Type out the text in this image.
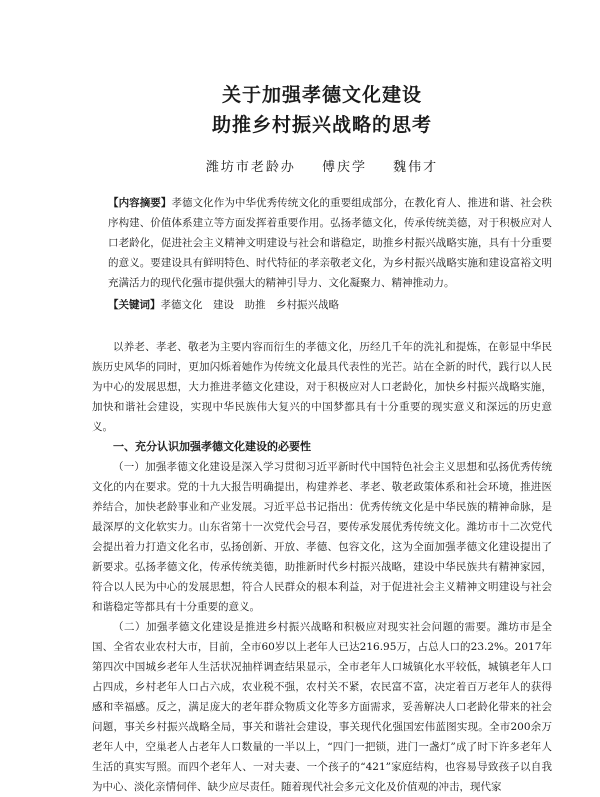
关于加强孝德文化建设
助推乡村振兴战略的思考
潍坊市老龄办 傅庆学 魏伟才

【内容摘要】孝德文化作为中华优秀传统文化的重要组成部分，在教化育人、推进和谐、社会秩序构建、价值体系建立等方面发挥着重要作用。弘扬孝德文化，传承传统美德，对于积极应对人口老龄化，促进社会主义精神文明建设与社会和谐稳定，助推乡村振兴战略实施，具有十分重要的意义。要建设具有鲜明特色、时代特征的孝亲敬老文化，为乡村振兴战略实施和建设富裕文明充满活力的现代化强市提供强大的精神引导力、文化凝聚力、精神推动力。

【关键词】孝德文化　建设　助推　乡村振兴战略

以养老、孝老、敬老为主要内容而衍生的孝德文化，历经几千年的洗礼和提炼，在彰显中华民族历史风华的同时，更加闪烁着她作为传统文化最具代表性的光芒。站在全新的时代，践行以人民为中心的发展思想，大力推进孝德文化建设，对于积极应对人口老龄化，加快乡村振兴战略实施，加快和谐社会建设，实现中华民族伟大复兴的中国梦都具有十分重要的现实意义和深远的历史意义。

一、充分认识加强孝德文化建设的必要性

（一）加强孝德文化建设是深入学习贯彻习近平新时代中国特色社会主义思想和弘扬优秀传统文化的内在要求。党的十九大报告明确提出，构建养老、孝老、敬老政策体系和社会环境，推进医养结合，加快老龄事业和产业发展。习近平总书记指出：优秀传统文化是中华民族的精神命脉，是最深厚的文化软实力。山东省第十一次党代会号召，要传承发展优秀传统文化。潍坊市十二次党代会提出着力打造文化名市，弘扬创新、开放、孝德、包容文化，这为全面加强孝德文化建设提出了新要求。弘扬孝德文化，传承传统美德，助推新时代乡村振兴战略，建设中华民族共有精神家园，符合以人民为中心的发展思想，符合人民群众的根本利益，对于促进社会主义精神文明建设与社会和谐稳定等都具有十分重要的意义。

（二）加强孝德文化建设是推进乡村振兴战略和积极应对现实社会问题的需要。潍坊市是全国、全省农业农村大市，目前，全市60岁以上老年人已达216.95万，占总人口的23.2%。2017年第四次中国城乡老年人生活状况抽样调查结果显示，全市老年人口城镇化水平较低，城镇老年人口占四成，乡村老年人口占六成，农业税不强，农村关不紧，农民富不富，决定着百万老年人的获得感和幸福感。反之，满足庞大的老年群众物质文化等多方面需求，妥善解决人口老龄化带来的社会问题，事关乡村振兴战略全局，事关和谐社会建设，事关现代化强国宏伟蓝图实现。全市200余万老年人中，空巢老人占老年人口数量的一半以上，“四门一把锁，进门一盏灯”成了时下许多老年人生活的真实写照。而四个老年人、一对夫妻、一个孩子的“421”家庭结构，也容易导致孩子以自我为中心、淡化亲情伺伴、缺少应尽责任。随着现代社会多元文化及价值观的冲击，现代家
